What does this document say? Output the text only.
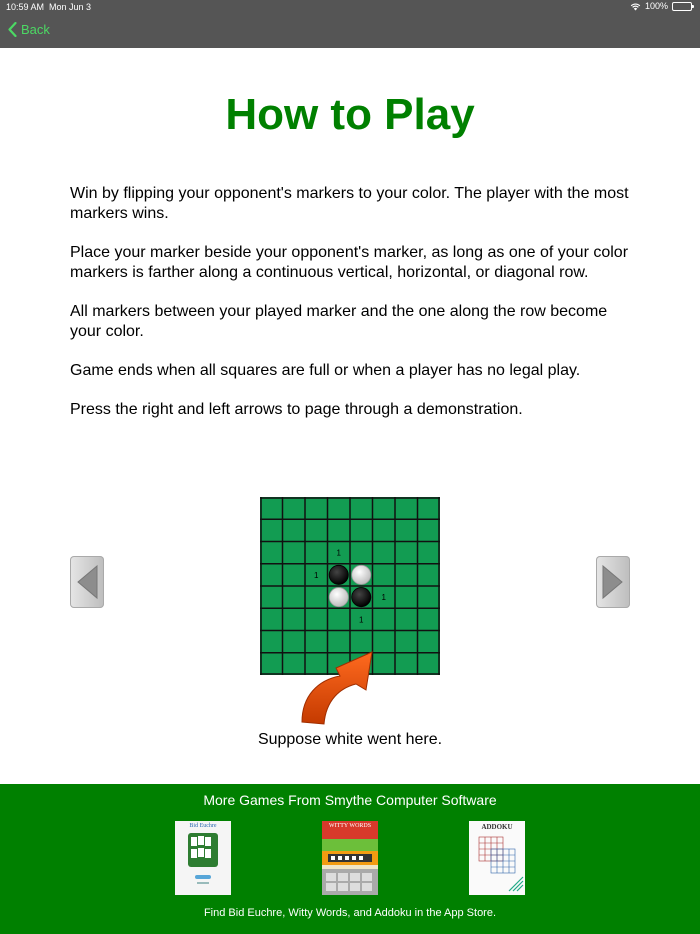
10:59 AM Mon Jun 3	100%
Back
How to Play

Win by flipping your opponent's markers to your color. The player with the most markers wins.

Place your marker beside your opponent's marker, as long as one of your color markers is farther along a continuous vertical, horizontal, or diagonal row.

All markers between your played marker and the one along the row become your color.

Game ends when all squares are full or when a player has no legal play.

Press the right and left arrows to page through a demonstration.

1
1
1
1
Suppose white went here.
More Games From Smythe Computer Software
Bid Euchre	WITTY WORDS	ADDOKU
Find Bid Euchre, Witty Words, and Addoku in the App Store.
